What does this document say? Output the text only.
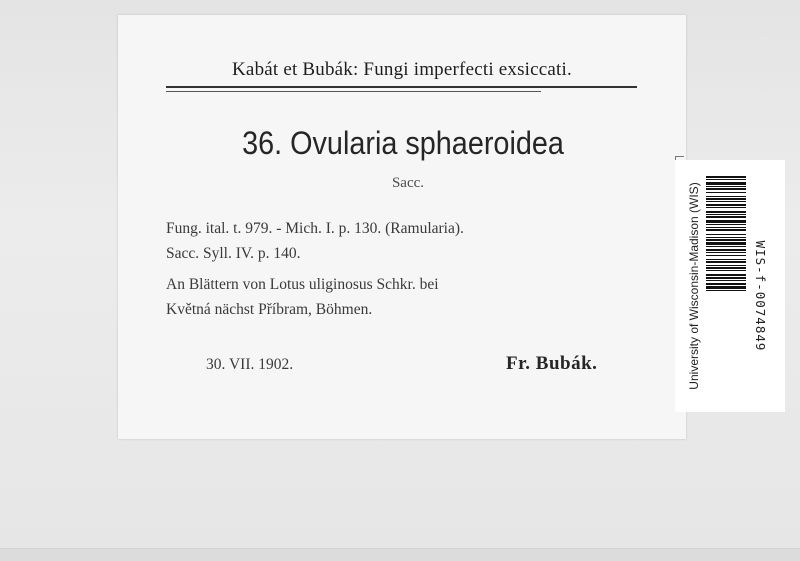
Kabát et Bubák: Fungi imperfecti exsiccati.
36. Ovularia sphaeroidea
Sacc.
Fung. ital. t. 979. - Mich. I. p. 130. (Ramularia).
Sacc. Syll. IV. p. 140.
An Blättern von Lotus uliginosus Schkr. bei
Květná nächst Příbram, Böhmen.
30. VII. 1902.	Fr. Bubák.	University of Wisconsin-Madison (WIS)	WIS-f-0074849
